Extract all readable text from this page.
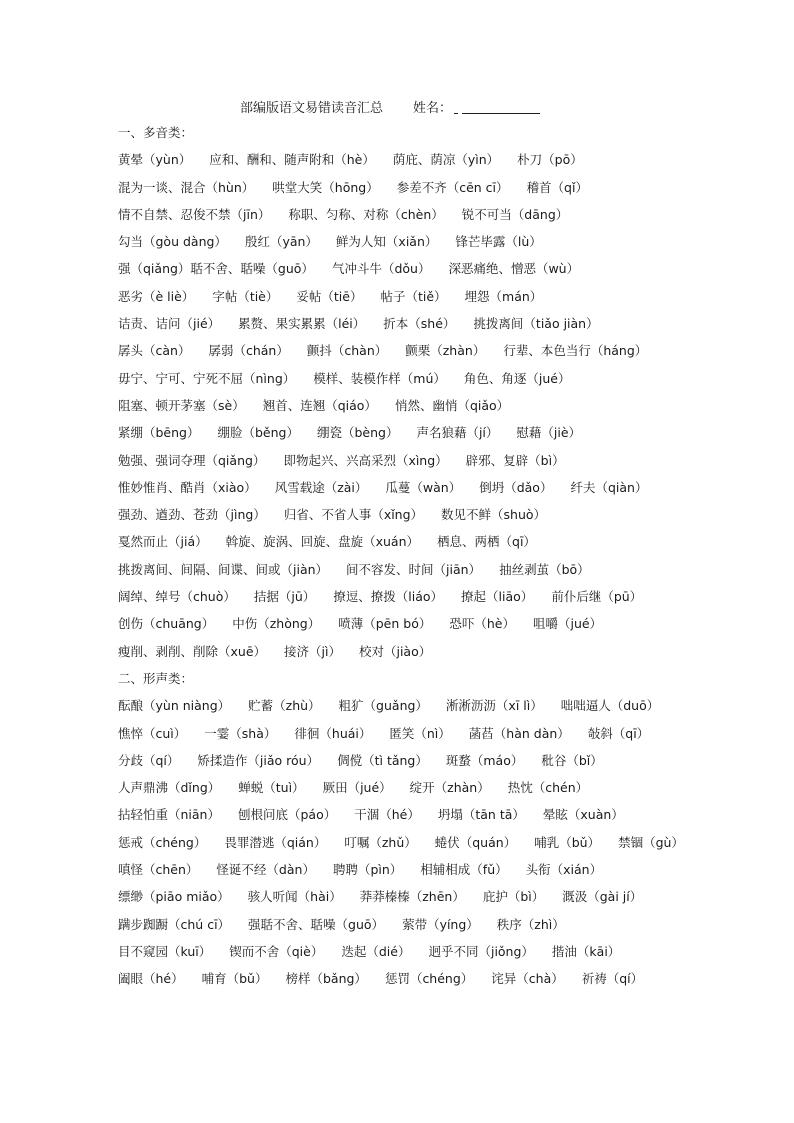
部编版语文易错读音汇总 姓名：
一、多音类：
黄晕（yùn） 应和、酬和、随声附和（hè） 荫庇、荫凉（yìn） 朴刀（pō）
混为一谈、混合（hùn） 哄堂大笑（hōng） 参差不齐（cēn cī） 稽首（qǐ）
情不自禁、忍俊不禁（jīn） 称职、匀称、对称（chèn） 锐不可当（dāng）
勾当（gòu dàng） 殷红（yān） 鲜为人知（xiǎn） 锋芒毕露（lù）
强（qiǎng）聒不舍、聒噪（guō） 气冲斗牛（dǒu） 深恶痛绝、憎恶（wù）
恶劣（è liè） 字帖（tiè） 妥帖（tiē） 帖子（tiě） 埋怨（mán）
诘责、诘问（jié） 累赘、果实累累（léi） 折本（shé） 挑拨离间（tiǎo jiàn）
孱头（càn） 孱弱（chán） 颤抖（chàn） 颤栗（zhàn） 行辈、本色当行（háng）
毋宁、宁可、宁死不屈（nìng） 模样、装模作样（mú） 角色、角逐（jué）
阻塞、顿开茅塞（sè） 翘首、连翘（qiáo） 悄然、幽悄（qiǎo）
紧绷（bēng） 绷脸（běng） 绷瓷（bèng） 声名狼藉（jí） 慰藉（jiè）
勉强、强词夺理（qiǎng） 即物起兴、兴高采烈（xìng） 辟邪、复辟（bì）
惟妙惟肖、酷肖（xiào） 风雪载途（zài） 瓜蔓（wàn） 倒坍（dǎo） 纤夫（qiàn）
强劲、遒劲、苍劲（jìng） 归省、不省人事（xǐng） 数见不鲜（shuò）
戛然而止（jiá） 斡旋、旋涡、回旋、盘旋（xuán） 栖息、两栖（qī）
挑拨离间、间隔、间谍、间或（jiàn） 间不容发、时间（jiān） 抽丝剥茧（bō）
阔绰、绰号（chuò） 拮据（jū） 撩逗、撩拨（liáo） 撩起（liāo） 前仆后继（pū）
创伤（chuāng） 中伤（zhòng） 喷薄（pēn bó） 恐吓（hè） 咀嚼（jué）
瘦削、剥削、削除（xuē） 接济（jì） 校对（jiào）
二、形声类：
酝酿（yùn niàng） 贮蓄（zhù） 粗犷（guǎng） 淅淅沥沥（xī lì） 咄咄逼人（duō）
憔悴（cuì） 一霎（shà） 徘徊（huái） 匿笑（nì） 菡萏（hàn dàn） 敧斜（qī）
分歧（qí） 矫揉造作（jiǎo róu） 倜傥（tì tǎng） 斑蝥（máo） 秕谷（bǐ）
人声鼎沸（dǐng） 蝉蜕（tuì） 厥田（jué） 绽开（zhàn） 热忱（chén）
拈轻怕重（niān） 刨根问底（páo） 干涸（hé） 坍塌（tān tā） 晕眩（xuàn）
惩戒（chéng） 畏罪潜逃（qián） 叮嘱（zhǔ） 蜷伏（quán） 哺乳（bǔ） 禁锢（gù）
嗔怪（chēn） 怪诞不经（dàn） 聘聘（pìn） 相辅相成（fǔ） 头衔（xián）
缥缈（piāo miǎo） 骇人听闻（hài） 莽莽榛榛（zhēn） 庇护（bì） 溉汲（gài jí）
蹒步踟蹰（chú cī） 强聒不舍、聒噪（guō） 萦带（yíng） 秩序（zhì）
目不窥园（kuī） 锲而不舍（qiè） 迭起（dié） 迥乎不同（jiǒng） 揩油（kāi）
阖眼（hé） 哺育（bǔ） 榜样（bǎng） 惩罚（chéng） 诧异（chà） 祈祷（qí）
